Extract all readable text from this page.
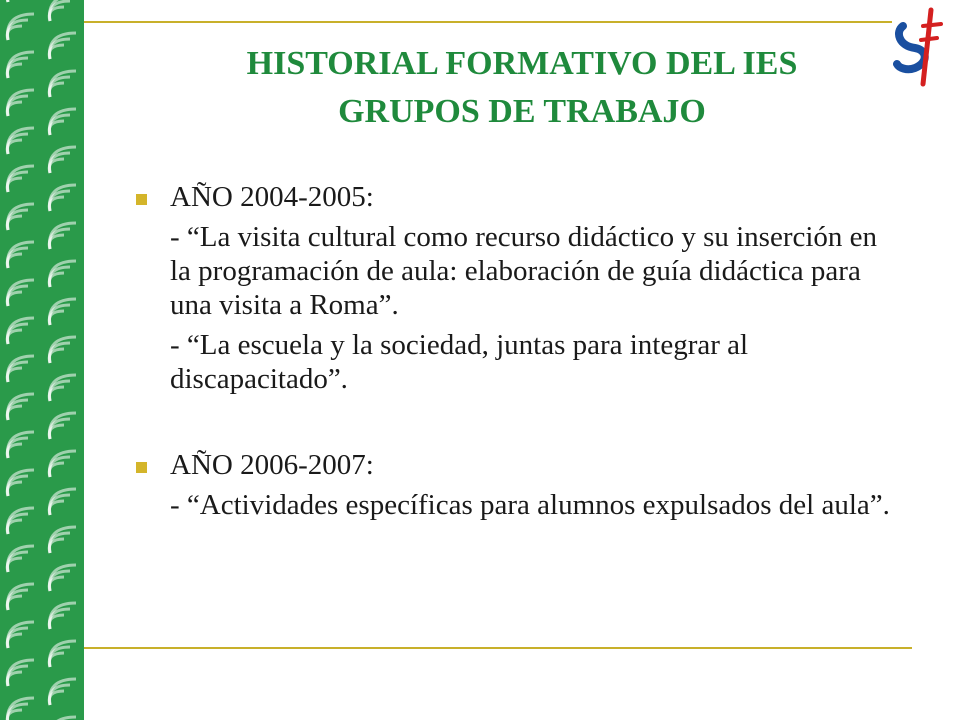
HISTORIAL FORMATIVO DEL IES
GRUPOS DE TRABAJO
AÑO 2004-2005:
- “La visita cultural como recurso didáctico y su inserción en la programación de aula: elaboración de guía didáctica para una visita a Roma”.
- “La escuela y la sociedad, juntas para integrar al discapacitado”.
AÑO 2006-2007:
- “Actividades específicas para alumnos expulsados del aula”.
